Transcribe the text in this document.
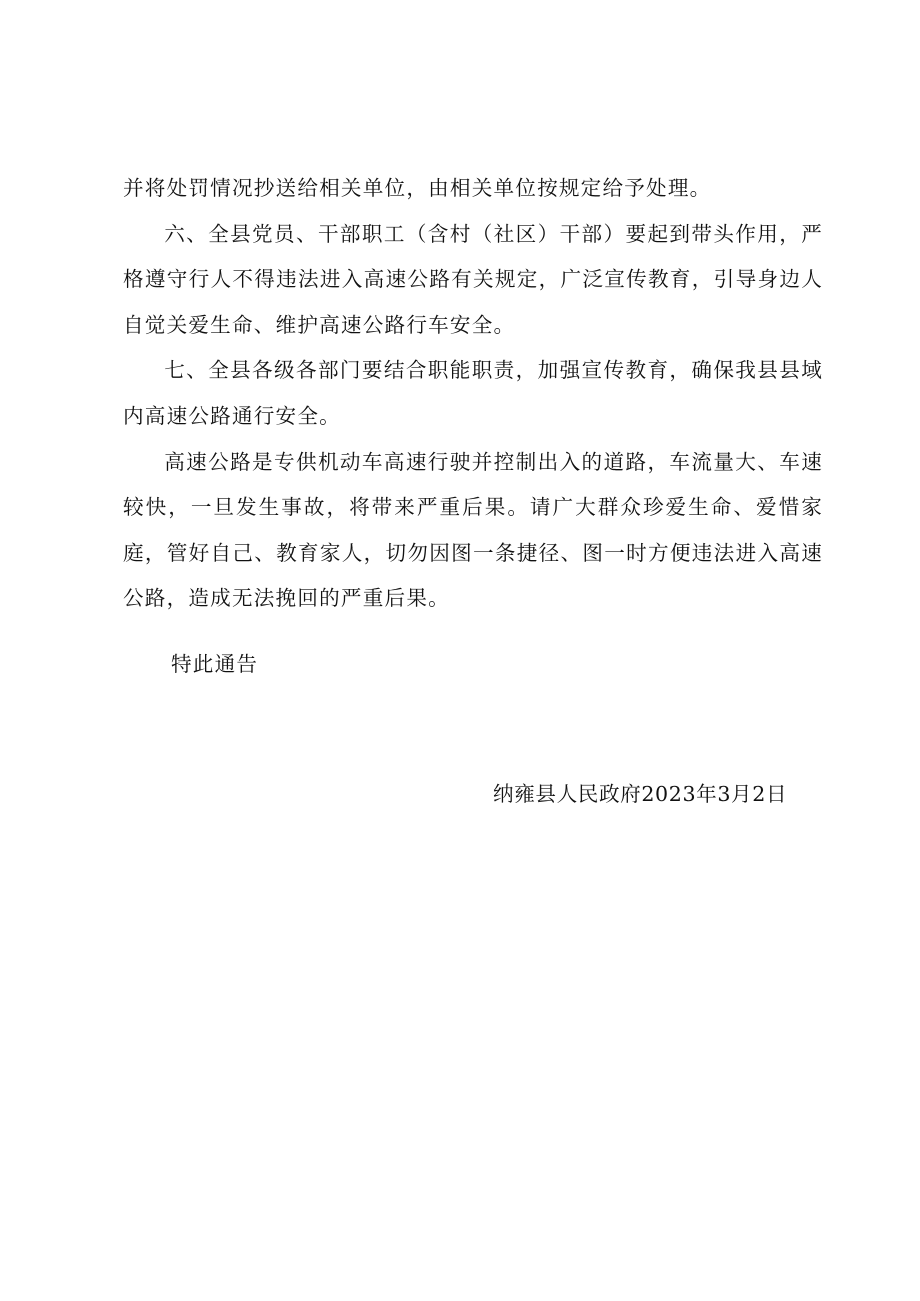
并将处罚情况抄送给相关单位，由相关单位按规定给予处理。

六、全县党员、干部职工（含村（社区）干部）要起到带头作用，严格遵守行人不得违法进入高速公路有关规定，广泛宣传教育，引导身边人自觉关爱生命、维护高速公路行车安全。

七、全县各级各部门要结合职能职责，加强宣传教育，确保我县县域内高速公路通行安全。

高速公路是专供机动车高速行驶并控制出入的道路，车流量大、车速较快，一旦发生事故，将带来严重后果。请广大群众珍爱生命、爱惜家庭，管好自己、教育家人，切勿因图一条捷径、图一时方便违法进入高速公路，造成无法挽回的严重后果。

特此通告

纳雍县人民政府2023年3月2日
